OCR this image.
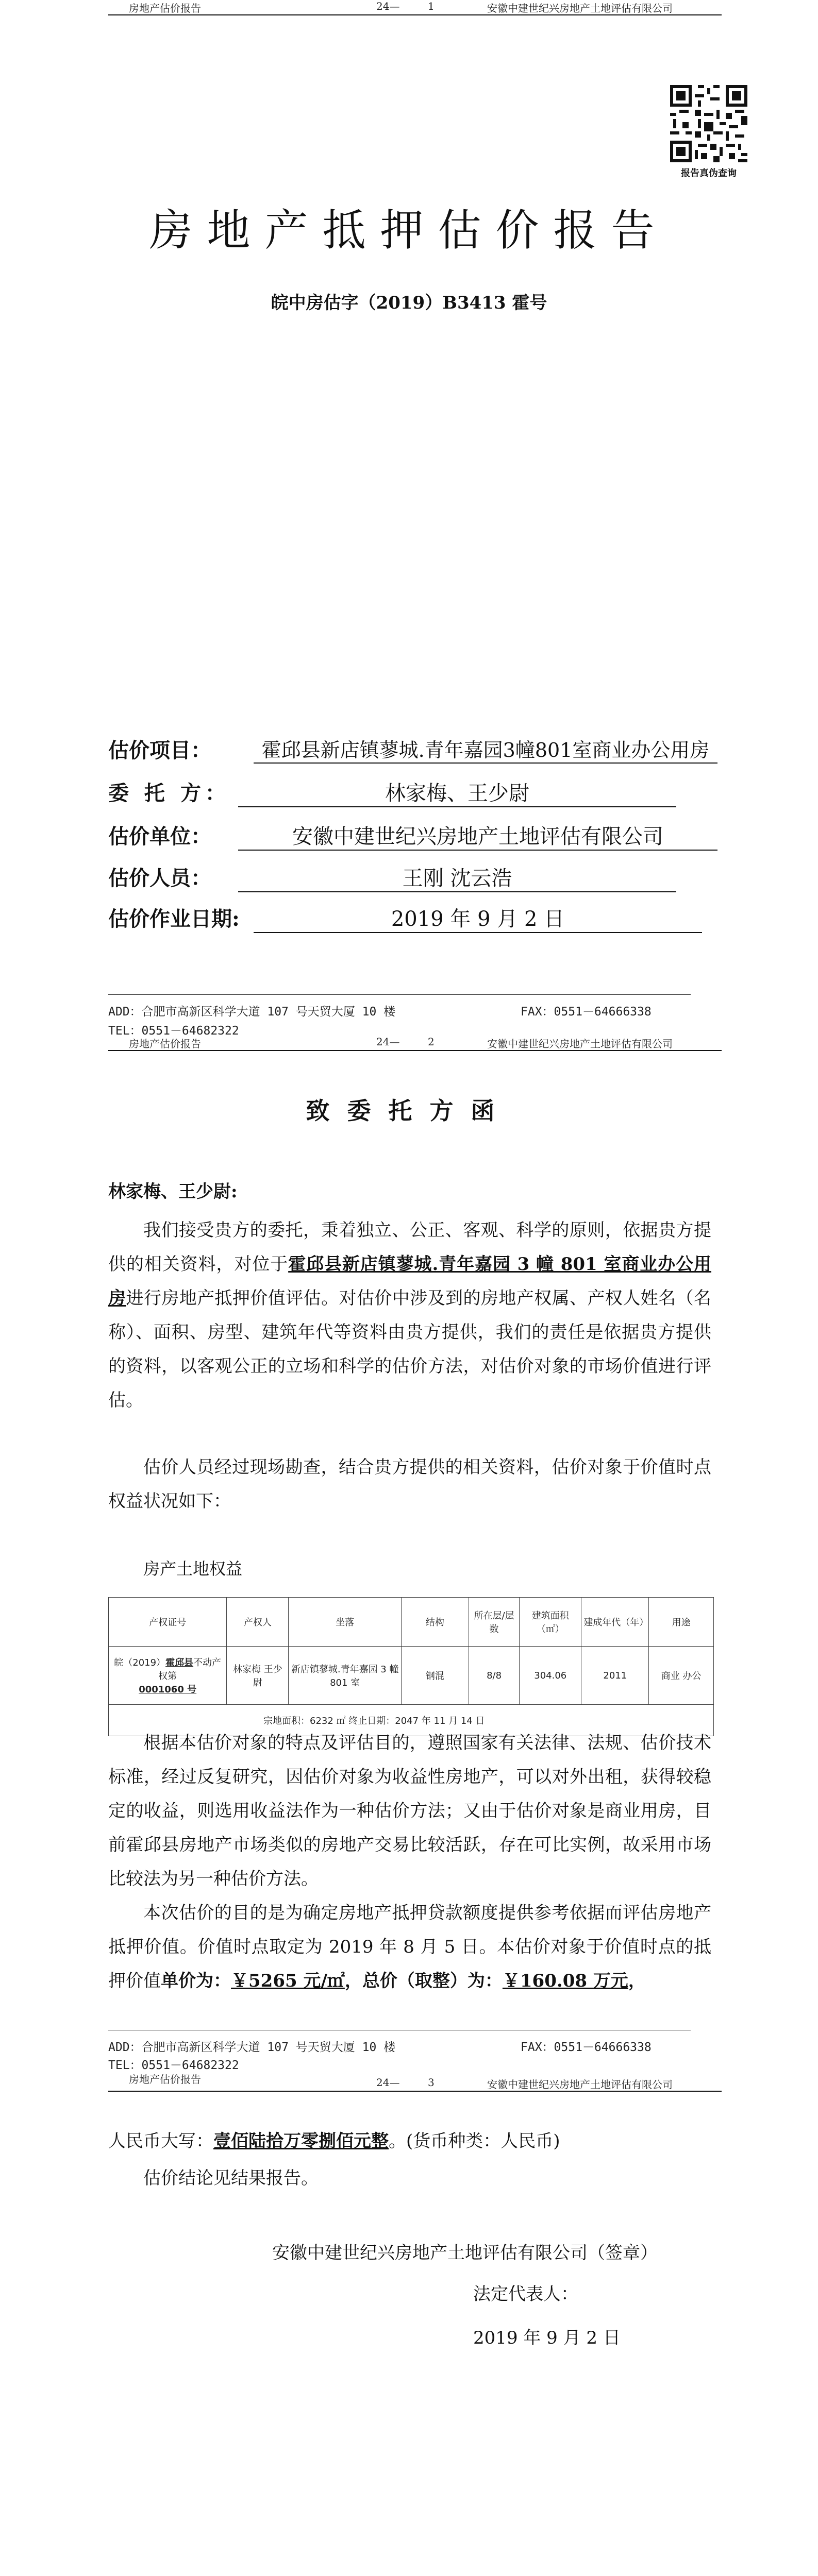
房地产估价报告	24—	1	安徽中建世纪兴房地产土地评估有限公司
报告真伪查询
房地产抵押估价报告
皖中房估字（2019）B3413 霍号
估价项目：	霍邱县新店镇蓼城.青年嘉园3幢801室商业办公用房
委 托 方：	林家梅、王少尉
估价单位：	安徽中建世纪兴房地产土地评估有限公司
估价人员：	王刚 沈云浩
估价作业日期:	2019 年 9 月 2 日
ADD：合肥市高新区科学大道 107 号天贸大厦 10 楼	FAX：0551－64666338
TEL：0551－64682322
房地产估价报告	24—	2	安徽中建世纪兴房地产土地评估有限公司
致委托方函
林家梅、王少尉:
我们接受贵方的委托，秉着独立、公正、客观、科学的原则，依据贵方提供的相关资料，对位于霍邱县新店镇蓼城.青年嘉园 3 幢 801 室商业办公用房进行房地产抵押价值评估。对估价中涉及到的房地产权属、产权人姓名（名称）、面积、房型、建筑年代等资料由贵方提供，我们的责任是依据贵方提供的资料，以客观公正的立场和科学的估价方法，对估价对象的市场价值进行评估。
估价人员经过现场勘查，结合贵方提供的相关资料，估价对象于价值时点权益状况如下：
房产土地权益
产权证号	产权人	坐落	结构	所在层/层数	建筑面积（㎡）	建成年代（年）	用途
皖（2019）霍邱县不动产权第
0001060 号	林家梅 王少尉	新店镇蓼城.青年嘉园 3 幢 801 室	钢混	8/8	304.06	2011	商业 办公
宗地面积：6232 ㎡ 终止日期：2047 年 11 月 14 日							
根据本估价对象的特点及评估目的，遵照国家有关法律、法规、估价技术标准，经过反复研究，因估价对象为收益性房地产，可以对外出租，获得较稳定的收益，则选用收益法作为一种估价方法；又由于估价对象是商业用房，目前霍邱县房地产市场类似的房地产交易比较活跃，存在可比实例，故采用市场比较法为另一种估价方法。
本次估价的目的是为确定房地产抵押贷款额度提供参考依据而评估房地产抵押价值。价值时点取定为 2019 年 8 月 5 日。本估价对象于价值时点的抵押价值单价为：￥5265 元/㎡，总价（取整）为：￥160.08 万元，
ADD：合肥市高新区科学大道 107 号天贸大厦 10 楼	FAX：0551－64666338
TEL：0551－64682322
房地产估价报告	24—	3	安徽中建世纪兴房地产土地评估有限公司
人民币大写：壹佰陆拾万零捌佰元整。(货币种类：人民币)
估价结论见结果报告。
安徽中建世纪兴房地产土地评估有限公司（签章）
法定代表人：
2019 年 9 月 2 日
